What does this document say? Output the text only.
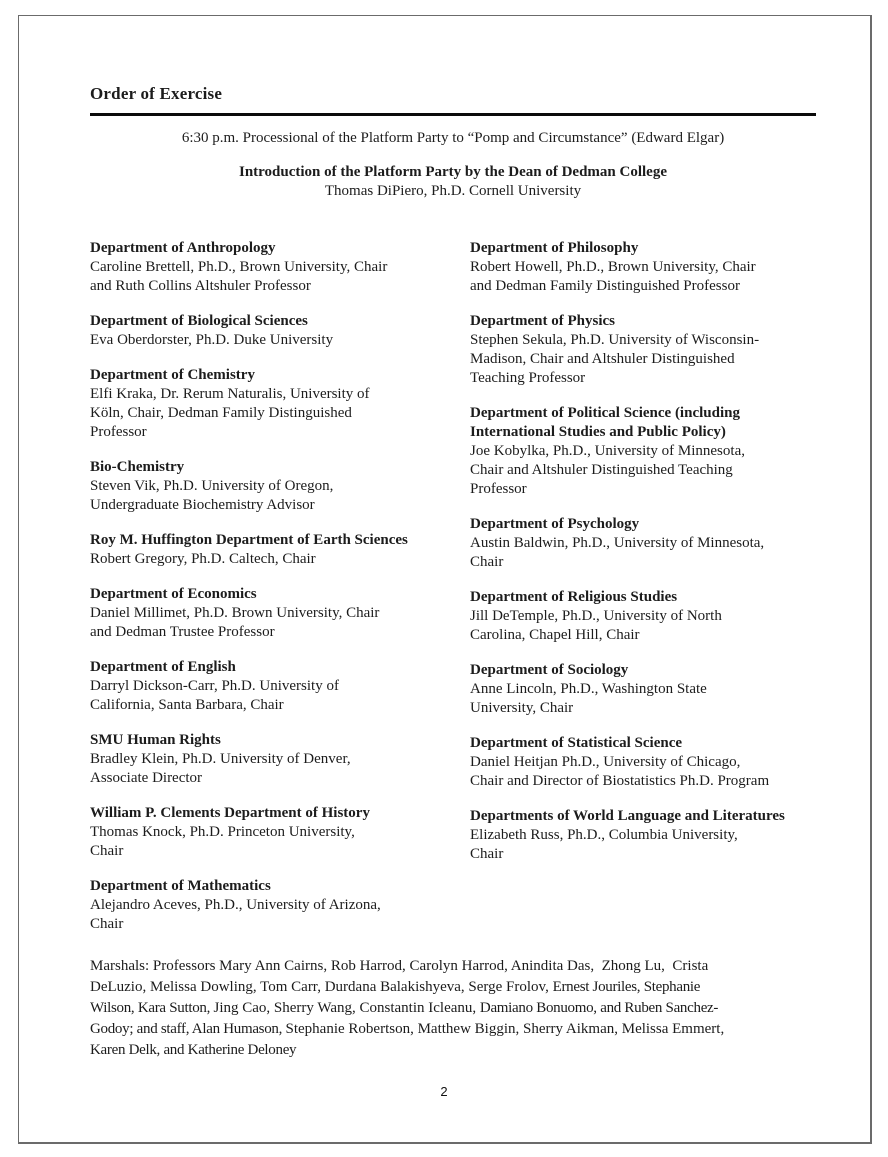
Order of Exercise
6:30 p.m. Processional of the Platform Party to “Pomp and Circumstance” (Edward Elgar)
Introduction of the Platform Party by the Dean of Dedman College
Thomas DiPiero, Ph.D. Cornell University
Department of Anthropology
Caroline Brettell, Ph.D., Brown University, Chair
and Ruth Collins Altshuler Professor
Department of Biological Sciences
Eva Oberdorster, Ph.D. Duke University
Department of Chemistry
Elfi Kraka, Dr. Rerum Naturalis, University of
Köln, Chair, Dedman Family Distinguished
Professor
Bio-Chemistry
Steven Vik, Ph.D. University of Oregon,
Undergraduate Biochemistry Advisor
Roy M. Huffington Department of Earth Sciences
Robert Gregory, Ph.D. Caltech, Chair
Department of Economics
Daniel Millimet, Ph.D. Brown University, Chair
and Dedman Trustee Professor
Department of English
Darryl Dickson-Carr, Ph.D. University of
California, Santa Barbara, Chair
SMU Human Rights
Bradley Klein, Ph.D. University of Denver,
Associate Director
William P. Clements Department of History
Thomas Knock, Ph.D. Princeton University,
Chair
Department of Mathematics
Alejandro Aceves, Ph.D., University of Arizona,
Chair
Department of Philosophy
Robert Howell, Ph.D., Brown University, Chair
and Dedman Family Distinguished Professor
Department of Physics
Stephen Sekula, Ph.D. University of Wisconsin-
Madison, Chair and Altshuler Distinguished
Teaching Professor
Department of Political Science (including
International Studies and Public Policy)
Joe Kobylka, Ph.D., University of Minnesota,
Chair and Altshuler Distinguished Teaching
Professor
Department of Psychology
Austin Baldwin, Ph.D., University of Minnesota,
Chair
Department of Religious Studies
Jill DeTemple, Ph.D., University of North
Carolina, Chapel Hill, Chair
Department of Sociology
Anne Lincoln, Ph.D., Washington State
University, Chair
Department of Statistical Science
Daniel Heitjan Ph.D., University of Chicago,
Chair and Director of Biostatistics Ph.D. Program
Departments of World Language and Literatures
Elizabeth Russ, Ph.D., Columbia University,
Chair
Marshals: Professors Mary Ann Cairns, Rob Harrod, Carolyn Harrod, Anindita Das,  Zhong Lu,  Crista
DeLuzio, Melissa Dowling, Tom Carr, Durdana Balakishyeva, Serge Frolov, Ernest Jouriles, Stephanie
Wilson, Kara Sutton, Jing Cao, Sherry Wang, Constantin Icleanu, Damiano Bonuomo, and Ruben Sanchez-
Godoy; and staff, Alan Humason, Stephanie Robertson, Matthew Biggin, Sherry Aikman, Melissa Emmert,
Karen Delk, and Katherine Deloney
2
